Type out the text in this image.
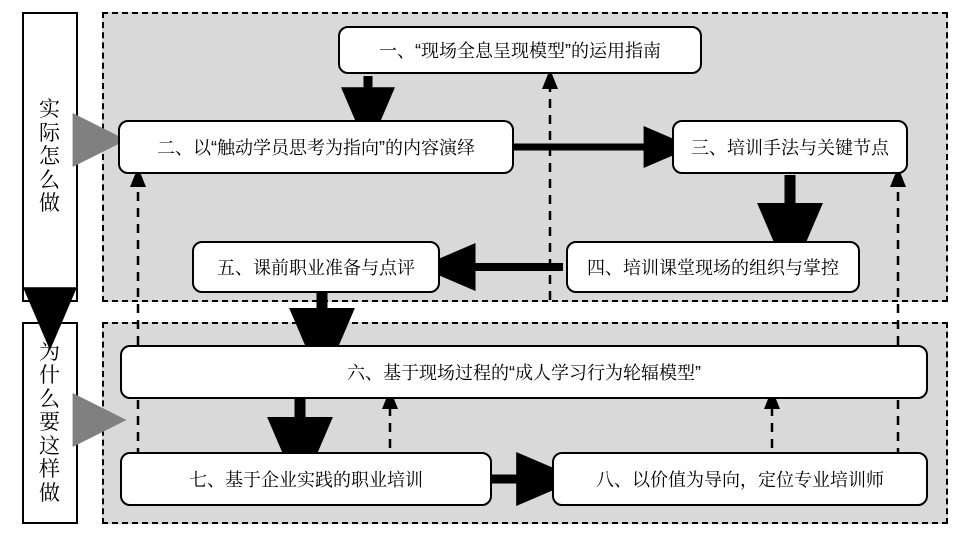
实际怎么做
为什么要这样做
一、“现场全息呈现模型”的运用指南
二、以“触动学员思考为指向”的内容演绎	三、培训手法与关键节点
四、培训课堂现场的组织与掌控
五、课前职业准备与点评
六、基于现场过程的“成人学习行为轮辐模型”
七、基于企业实践的职业培训	八、以价值为导向，定位专业培训师
